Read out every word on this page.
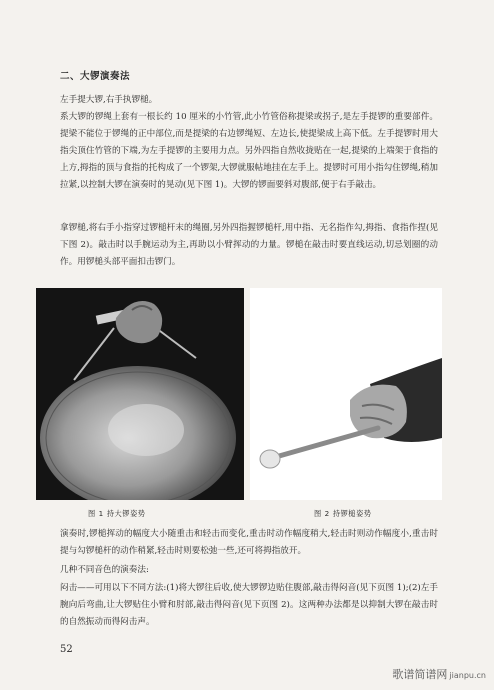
二、大锣演奏法

左手提大锣,右手执锣槌。

系大锣的锣绳上套有一根长约 10 厘米的小竹管,此小竹管俗称提梁或拐子,是左手提锣的重要部件。提梁不能位于锣绳的正中部位,而是提梁的右边锣绳短、左边长,使提梁成上高下低。左手提锣时用大指尖顶住竹管的下端,为左手提锣的主要用力点。另外四指自然收拢贴在一起,提梁的上端架于食指的上方,拇指的顶与食指的托构成了一个锣架,大锣就服帖地挂在左手上。提锣时可用小指勾住锣绳,稍加拉紧,以控制大锣在演奏时的晃动(见下图 1)。大锣的锣面要斜对腹部,便于右手敲击。

拿锣槌,将右手小指穿过锣槌杆末的绳圈,另外四指握锣槌杆,用中指、无名指作勾,拇指、食指作捏(见下图 2)。敲击时以手腕运动为主,再助以小臂挥动的力量。锣槌在敲击时要直线运动,切忌划圈的动作。用锣槌头部平面扣击锣门。

图 1 持大锣姿势	图 2 持锣槌姿势

演奏时,锣槌挥动的幅度大小随重击和轻击而变化,重击时动作幅度稍大,轻击时则动作幅度小,重击时提与勾锣槌杆的动作稍紧,轻击时则要松弛一些,还可将拇指放开。

几种不同音色的演奏法:

闷击——可用以下不同方法:(1)将大锣往后收,使大锣锣边贴住腹部,敲击得闷音(见下页图 1);(2)左手腕向后弯曲,让大锣贴住小臂和肘部,敲击得闷音(见下页图 2)。这两种办法都是以抑制大锣在敲击时的自然振动而得闷击声。

52
歌谱简谱网 jianpu.cn
